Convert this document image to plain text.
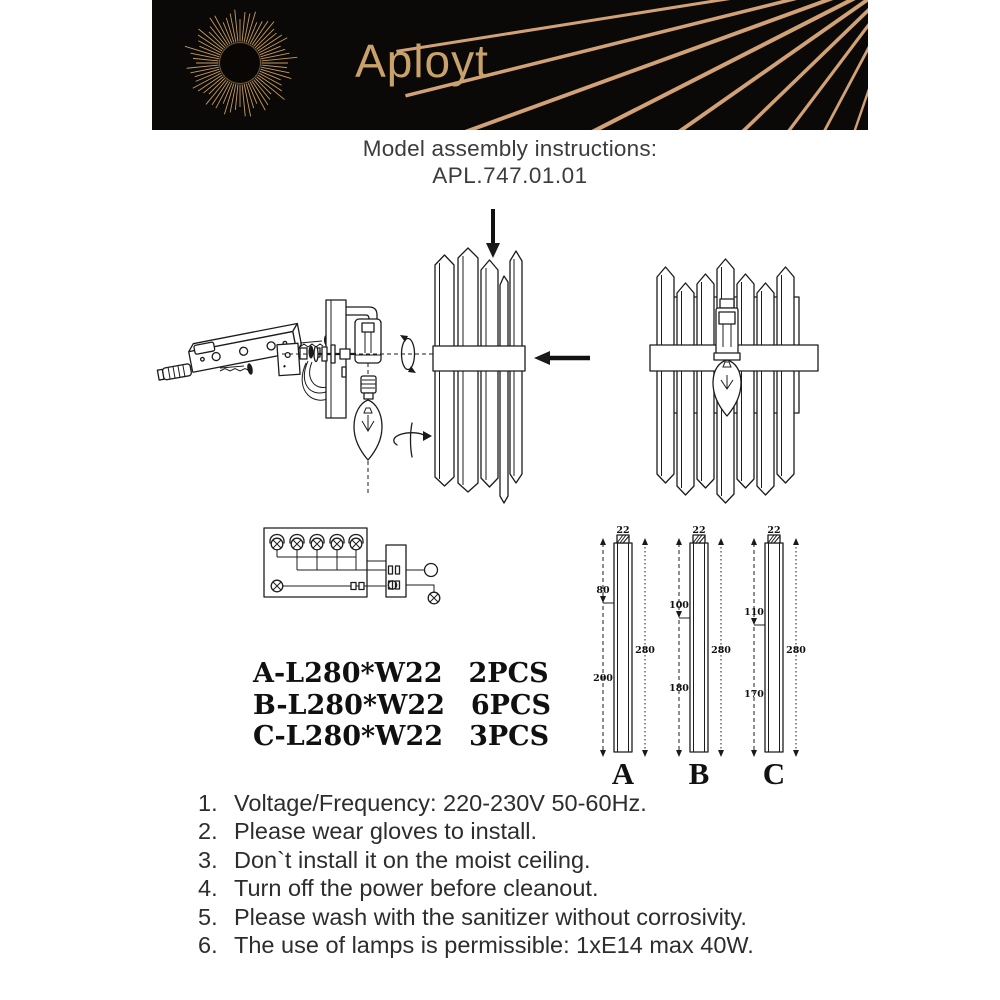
Aployt
Model assembly instructions:
APL.747.01.01
A-L280*W22 2PCS
B-L280*W22 6PCS
C-L280*W22 3PCS
22
80
200
280
A
22
100
180
280
B
22
110
170
280
C
1. Voltage/Frequency: 220-230V 50-60Hz.
2. Please wear gloves to install.
3. Don`t install it on the moist ceiling.
4. Turn off the power before cleanout.
5. Please wash with the sanitizer without corrosivity.
6. The use of lamps is permissible: 1xE14 max 40W.
